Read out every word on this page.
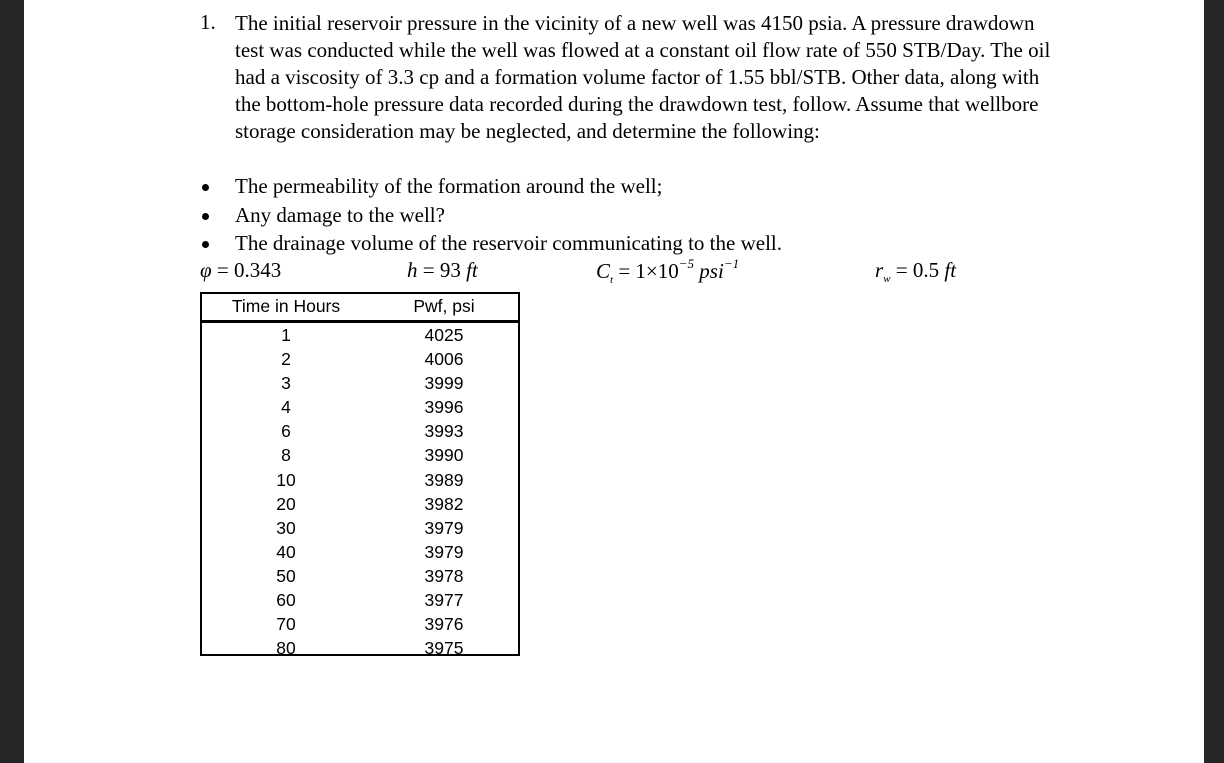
1. The initial reservoir pressure in the vicinity of a new well was 4150 psia. A pressure drawdown test was conducted while the well was flowed at a constant oil flow rate of 550 STB/Day. The oil had a viscosity of 3.3 cp and a formation volume factor of 1.55 bbl/STB. Other data, along with the bottom-hole pressure data recorded during the drawdown test, follow. Assume that wellbore storage consideration may be neglected, and determine the following:

The permeability of the formation around the well;
Any damage to the well?
The drainage volume of the reservoir communicating to the well.
φ = 0.343	h = 93 ft	$C_t = 1\times 10^{-5}$ psi$^{-1}$	$r_w = 0.5$ ft
Time in Hours	Pwf, psi
1	4025
2	4006
3	3999
4	3996
6	3993
8	3990
10	3989
20	3982
30	3979
40	3979
50	3978
60	3977
70	3976
80	3975
